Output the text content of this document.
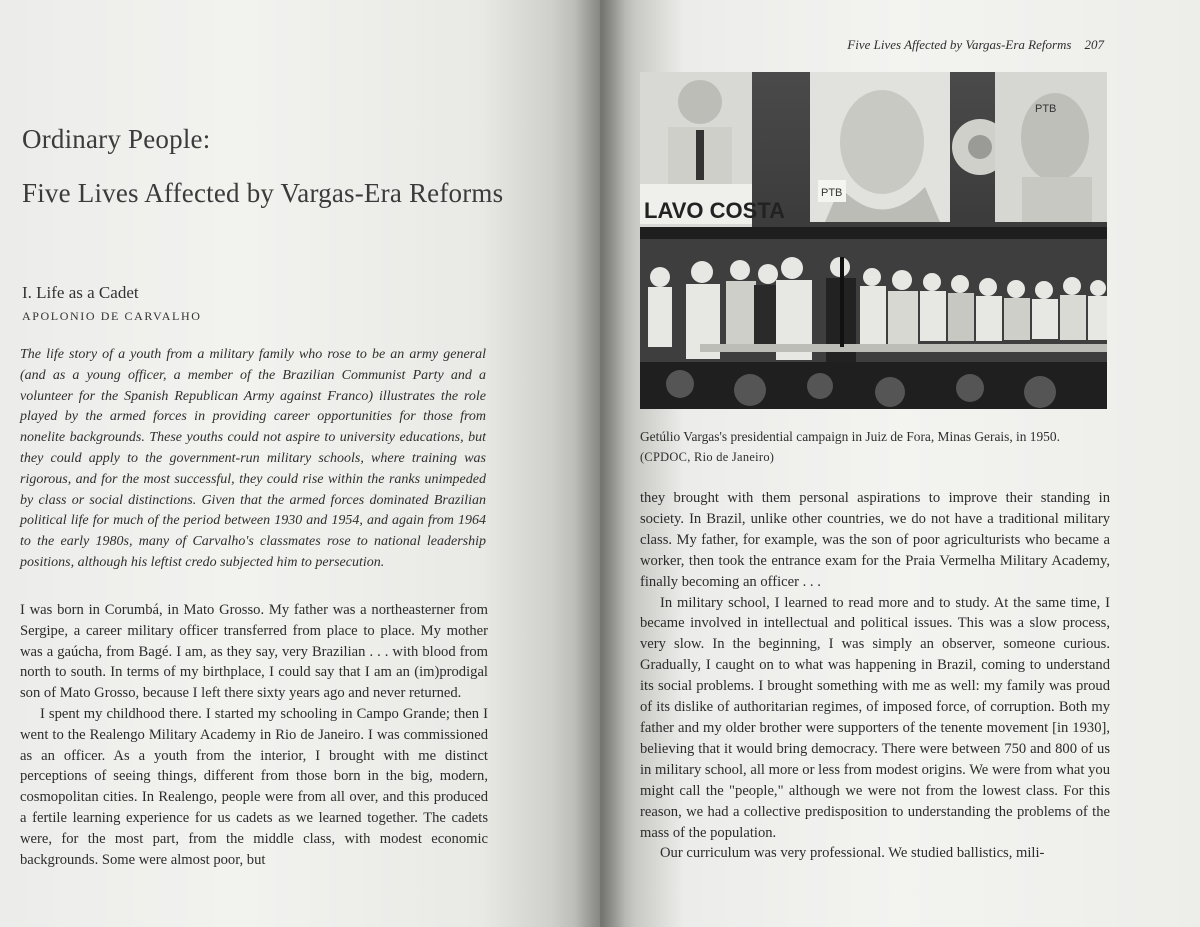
Ordinary People:
Five Lives Affected by Vargas-Era Reforms
I. Life as a Cadet
APOLONIO DE CARVALHO
The life story of a youth from a military family who rose to be an army general (and as a young officer, a member of the Brazilian Communist Party and a volunteer for the Spanish Republican Army against Franco) illustrates the role played by the armed forces in providing career opportunities for those from nonelite backgrounds. These youths could not aspire to university educations, but they could apply to the government-run military schools, where training was rigorous, and for the most successful, they could rise within the ranks unimpeded by class or social distinctions. Given that the armed forces dominated Brazilian political life for much of the period between 1930 and 1954, and again from 1964 to the early 1980s, many of Carvalho's classmates rose to national leadership positions, although his leftist credo subjected him to persecution.

I was born in Corumbá, in Mato Grosso. My father was a northeasterner from Sergipe, a career military officer transferred from place to place. My mother was a gaúcha, from Bagé. I am, as they say, very Brazilian . . . with blood from north to south. In terms of my birthplace, I could say that I am an (im)prodigal son of Mato Grosso, because I left there sixty years ago and never returned.

I spent my childhood there. I started my schooling in Campo Grande; then I went to the Realengo Military Academy in Rio de Janeiro. I was commissioned as an officer. As a youth from the interior, I brought with me distinct perceptions of seeing things, different from those born in the big, modern, cosmopolitan cities. In Realengo, people were from all over, and this produced a fertile learning experience for us cadets as we learned together. The cadets were, for the most part, from the middle class, with modest economic backgrounds. Some were almost poor, but

Five Lives Affected by Vargas-Era Reforms 207
LAVO COSTA
PTB
PTB
Getúlio Vargas's presidential campaign in Juiz de Fora, Minas Gerais, in 1950.
(CPDOC, Rio de Janeiro)

they brought with them personal aspirations to improve their standing in society. In Brazil, unlike other countries, we do not have a traditional military class. My father, for example, was the son of poor agriculturists who became a worker, then took the entrance exam for the Praia Vermelha Military Academy, finally becoming an officer . . .

In military school, I learned to read more and to study. At the same time, I became involved in intellectual and political issues. This was a slow process, very slow. In the beginning, I was simply an observer, someone curious. Gradually, I caught on to what was happening in Brazil, coming to understand its social problems. I brought something with me as well: my family was proud of its dislike of authoritarian regimes, of imposed force, of corruption. Both my father and my older brother were supporters of the tenente movement [in 1930], believing that it would bring democracy. There were between 750 and 800 of us in military school, all more or less from modest origins. We were from what you might call the "people," although we were not from the lowest class. For this reason, we had a collective predisposition to understanding the problems of the mass of the population.

Our curriculum was very professional. We studied ballistics, mili-
